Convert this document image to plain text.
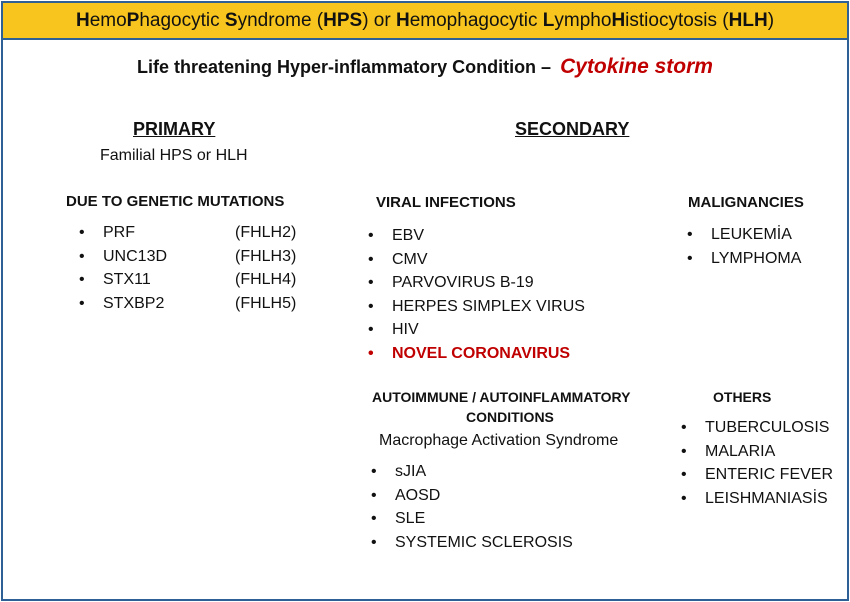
HemoPhagocytic Syndrome (HPS) or Hemophagocytic LymphoHistiocytosis (HLH)
Life threatening Hyper-inflammatory Condition – Cytokine storm
PRIMARY
Familial HPS or HLH
DUE TO GENETIC MUTATIONS
• PRF	(FHLH2)
• UNC13D	(FHLH3)
• STX11	(FHLH4)
• STXBP2	(FHLH5)
SECONDARY
VIRAL INFECTIONS
• EBV
• CMV
• PARVOVIRUS B-19
• HERPES SIMPLEX VIRUS
• HIV
• NOVEL CORONAVIRUS
MALIGNANCIES
• LEUKEMİA
• LYMPHOMA
AUTOIMMUNE / AUTOINFLAMMATORY
CONDITIONS
Macrophage Activation Syndrome
• sJIA
• AOSD
• SLE
• SYSTEMIC SCLEROSIS
OTHERS
• TUBERCULOSIS
• MALARIA
• ENTERIC FEVER
• LEISHMANIASİS
